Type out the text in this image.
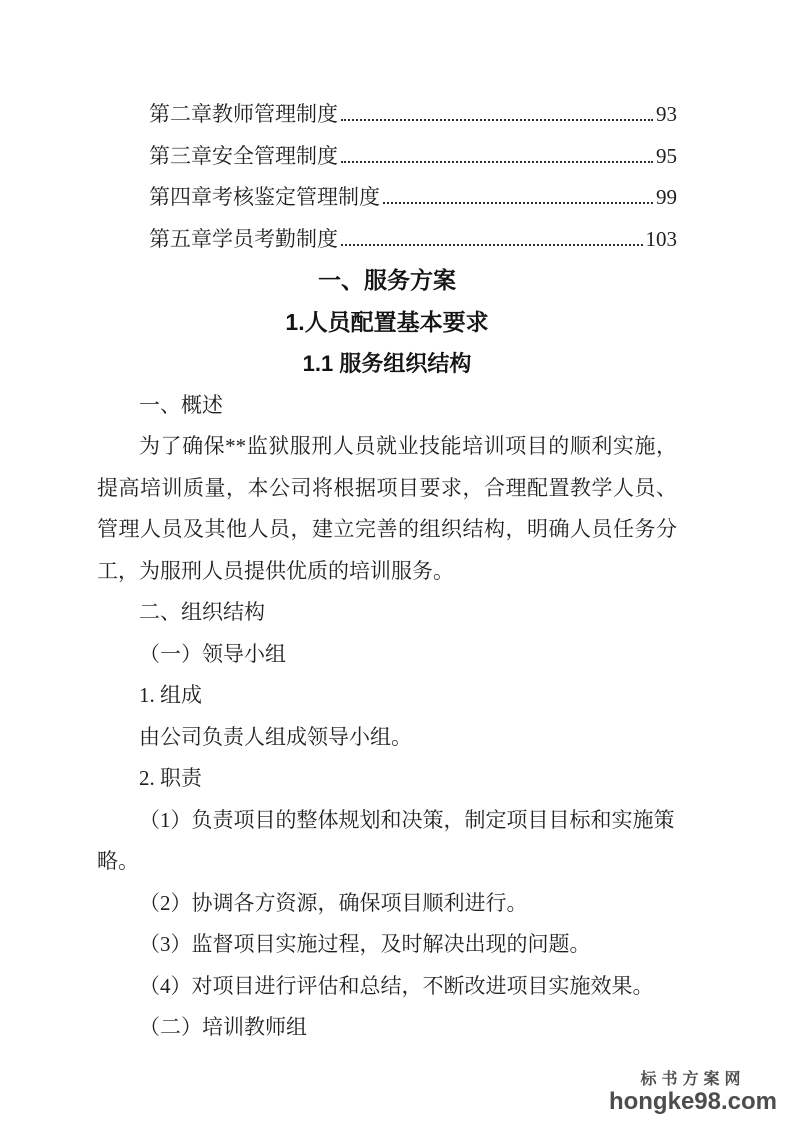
第二章教师管理制度	93
第三章安全管理制度	95
第四章考核鉴定管理制度	99
第五章学员考勤制度	103
一、服务方案
1.人员配置基本要求
1.1 服务组织结构

一、概述

为了确保**监狱服刑人员就业技能培训项目的顺利实施，提高培训质量，本公司将根据项目要求，合理配置教学人员、管理人员及其他人员，建立完善的组织结构，明确人员任务分工，为服刑人员提供优质的培训服务。

二、组织结构

（一）领导小组

1. 组成

由公司负责人组成领导小组。

2. 职责

（1）负责项目的整体规划和决策，制定项目目标和实施策略。

（2）协调各方资源，确保项目顺利进行。

（3）监督项目实施过程，及时解决出现的问题。

（4）对项目进行评估和总结，不断改进项目实施效果。

（二）培训教师组

标书方案网
hongke98.com
